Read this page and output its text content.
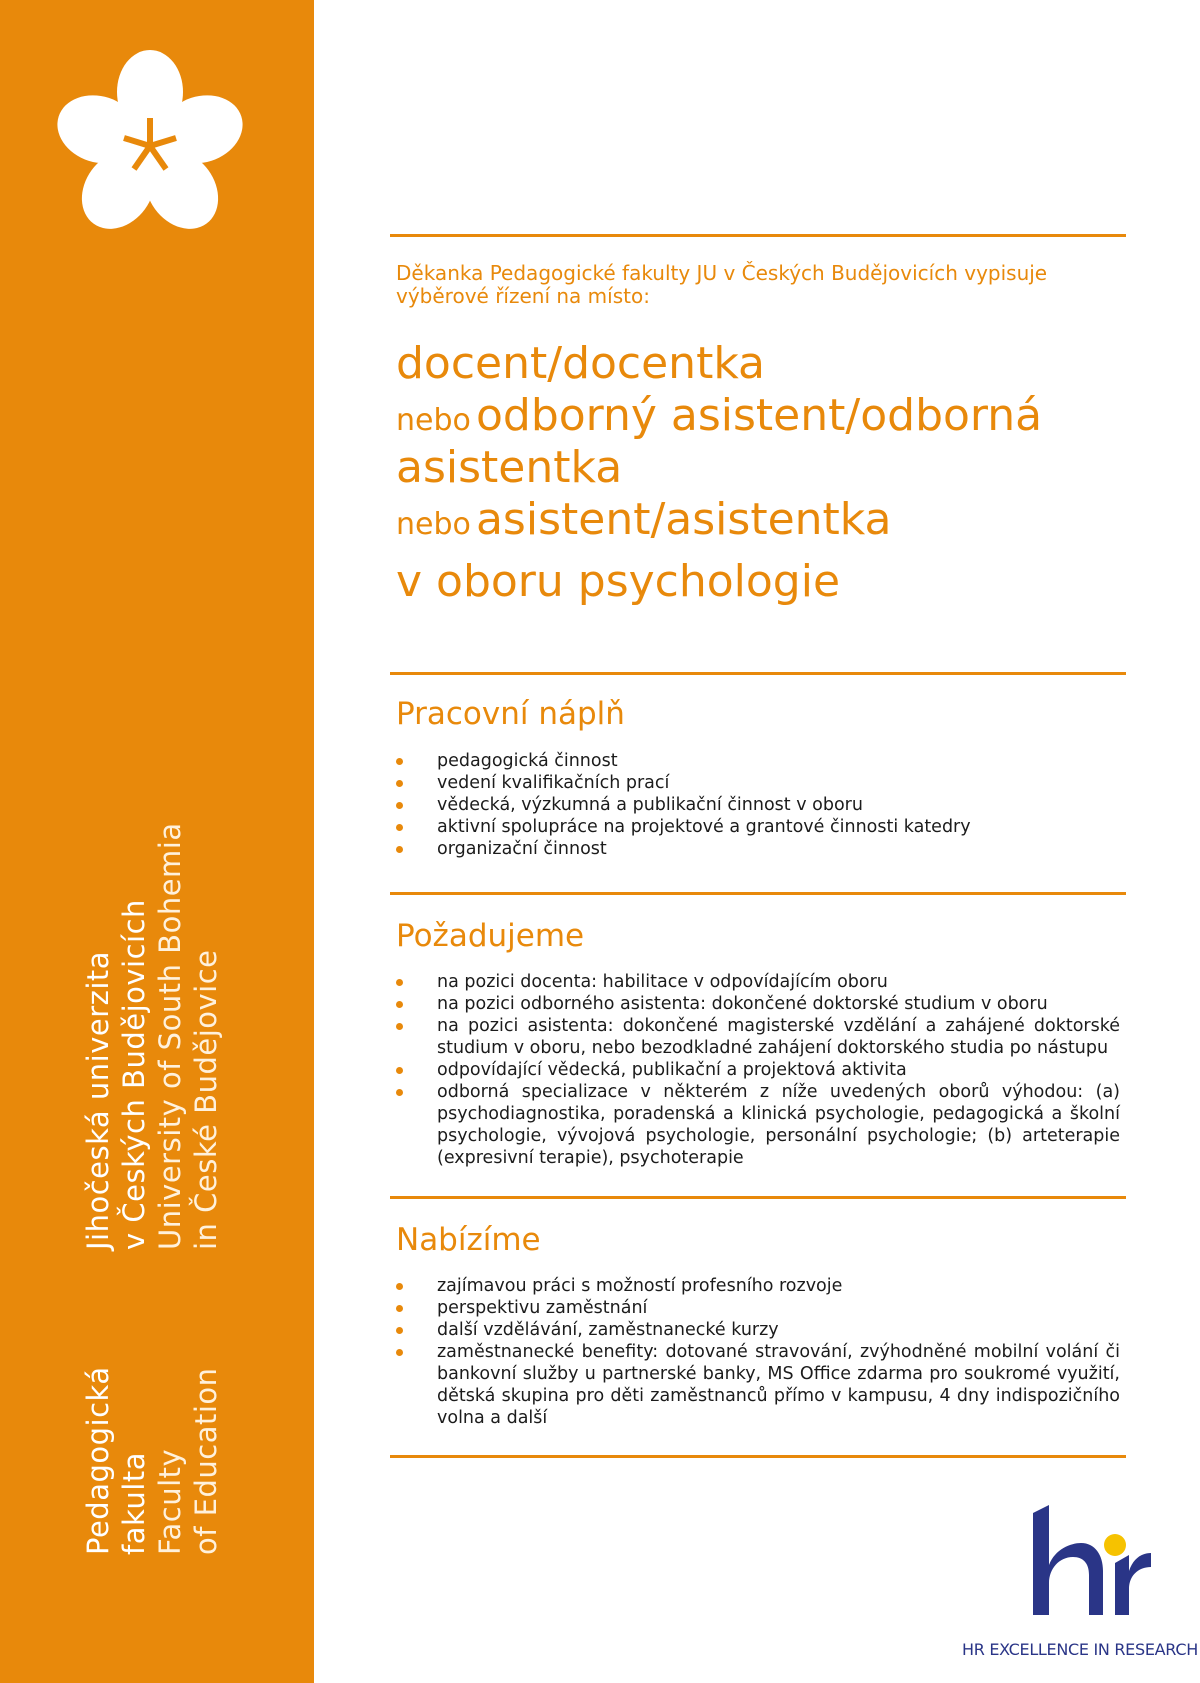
Pedagogická fakulta Faculty of Education
Jihočeská univerzita v Českých Budějovicích University of South Bohemia in České Budějovice
Děkanka Pedagogické fakulty JU v Českých Budějovicích vypisuje výběrové řízení na místo:
docent/docentka
nebo odborný asistent/odborná
asistentka
nebo asistent/asistentka
v oboru psychologie
Pracovní náplň
pedagogická činnost
vedení kvalifikačních prací
vědecká, výzkumná a publikační činnost v oboru
aktivní spolupráce na projektové a grantové činnosti katedry
organizační činnost
Požadujeme
na pozici docenta: habilitace v odpovídajícím oboru
na pozici odborného asistenta: dokončené doktorské studium v oboru
na pozici asistenta: dokončené magisterské vzdělání a zahájené doktorské studium v oboru, nebo bezodkladné zahájení doktorského studia po nástupu
odpovídající vědecká, publikační a projektová aktivita
odborná specializace v některém z níže uvedených oborů výhodou: (a) psychodiagnostika, poradenská a klinická psychologie, pedagogická a školní psychologie, vývojová psychologie, personální psychologie; (b) arteterapie (expresivní terapie), psychoterapie
Nabízíme
zajímavou práci s možností profesního rozvoje
perspektivu zaměstnání
další vzdělávání, zaměstnanecké kurzy
zaměstnanecké benefity: dotované stravování, zvýhodněné mobilní volání či bankovní služby u partnerské banky, MS Office zdarma pro soukromé využití, dětská skupina pro děti zaměstnanců přímo v kampusu, 4 dny indispozičního volna a další
HR EXCELLENCE IN RESEARCH
